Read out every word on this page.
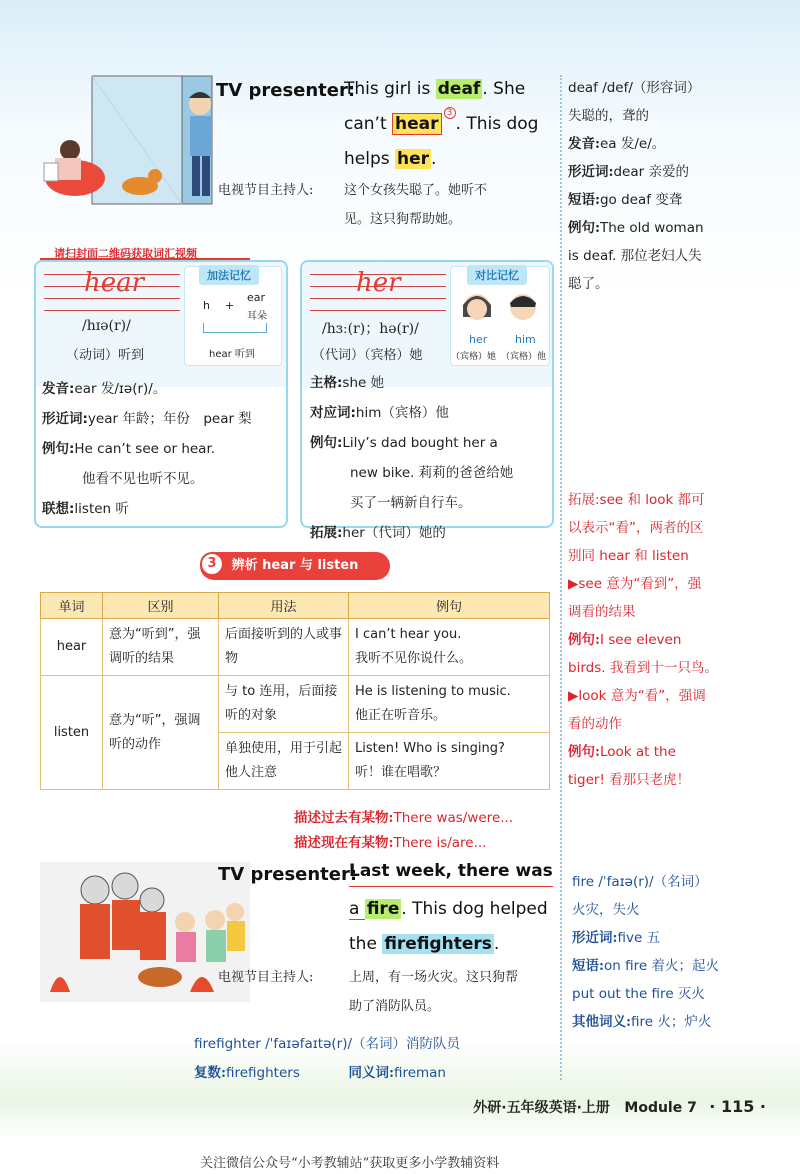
TV presenter:
This girl is deaf . She
can’t hear3. This dog
helps her .
电视节目主持人: 这个女孩失聪了。她听不
见。这只狗帮助她。
deaf /def/（形容词）
失聪的，聋的
发音:ea 发/e/。
形近词:dear 亲爱的
短语:go deaf 变聋
例句:The old woman
is deaf. 那位老妇人失
聪了。
请扫封面二维码获取词汇视频
hear	加法记忆
h +
ear
耳朵
hear 听到
/hɪə(r)/
（动词）听到
发音:ear 发/ɪə(r)/。
形近词:year 年龄；年份　pear 梨
例句:He can’t see or hear.
他看不见也听不见。
联想:listen 听
her	对比记忆
her
（宾格）她
him
（宾格）他
/hɜː(r)；hə(r)/
（代词）（宾格）她
主格:she 她
对应词:him（宾格）他
例句:Lily’s dad bought her a
new bike. 莉莉的爸爸给她
买了一辆新自行车。
拓展:her（代词）她的
拓展:see 和 look 都可
以表示“看”，两者的区
别同 hear 和 listen
▶see 意为“看到”，强
调看的结果
例句:I see eleven
birds. 我看到十一只鸟。
▶look 意为“看”，强调
看的动作
例句:Look at the
tiger! 看那只老虎！
辨析 hear 与 listen
3
单词	区别	用法	例句
hear	意为“听到”，强调听的结果	后面接听到的人或事物	I can’t hear you.
我听不见你说什么。

listen	意为“听”，强调听的动作	与 to 连用，后面接听的对象	He is listening to music.
他正在听音乐。

		单独使用，用于引起他人注意	Listen! Who is singing?
听！谁在唱歌？
描述过去有某物:There was/were...
描述现在有某物:There is/are...
TV presenter:
Last week, there was
a fire . This dog helped
the firefighters .
电视节目主持人:	上周，有一场火灾。这只狗帮
助了消防队员。
firefighter /ˈfaɪəfaɪtə(r)/（名词）消防队员
复数:firefighters	同义词:fireman
fire /ˈfaɪə(r)/（名词）
火灾，失火
形近词:five 五
短语:on fire 着火；起火
put out the fire 灭火
其他词义:fire 火；炉火
外研·五年级英语·上册 Module 7 · 115 ·
关注微信公众号“小考教辅站”获取更多小学教辅资料
